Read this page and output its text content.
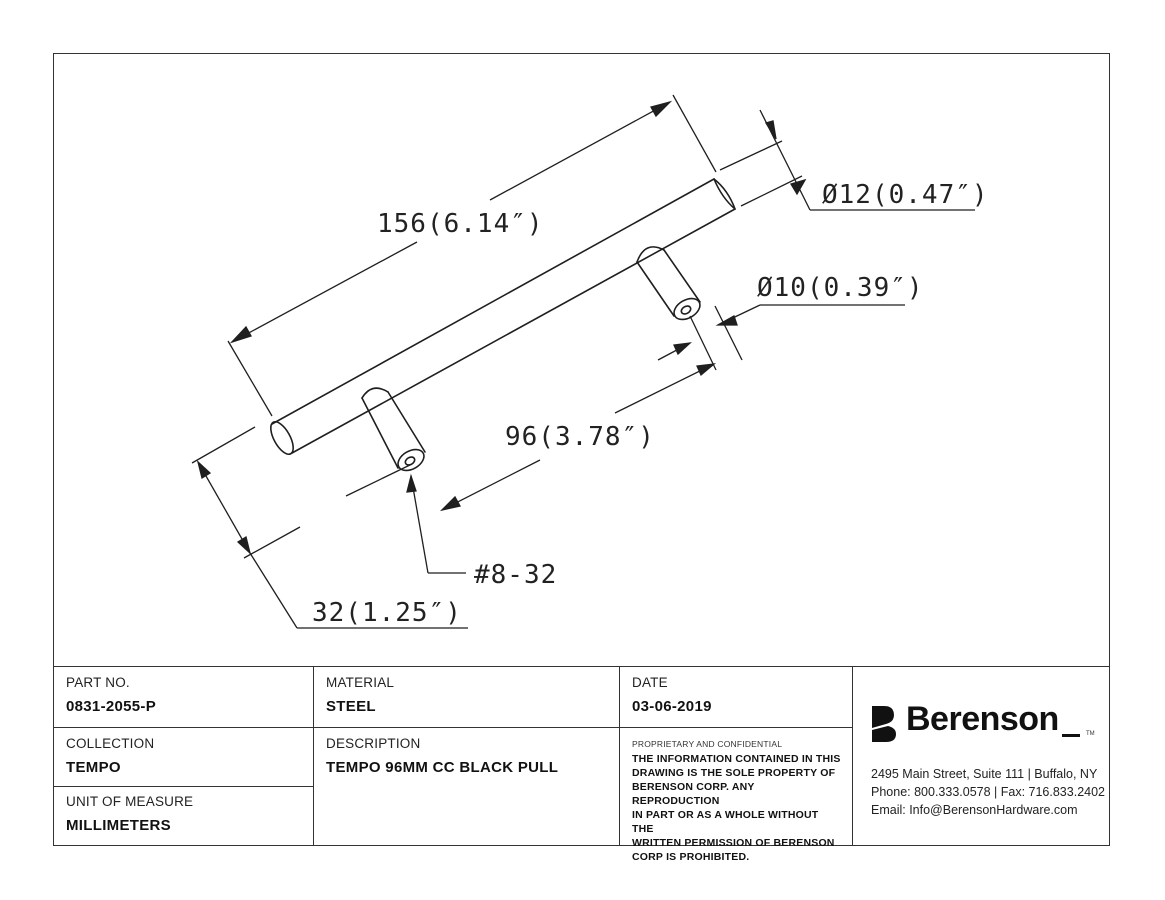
156(6.14″)
Ø12(0.47″)
Ø10(0.39″)
96(3.78″)
#8-32
32(1.25″)
PART NO.
0831-2055-P
MATERIAL
STEEL
DATE
03-06-2019
COLLECTION
TEMPO
DESCRIPTION
TEMPO 96MM CC BLACK PULL
UNIT OF MEASURE
MILLIMETERS
PROPRIETARY AND CONFIDENTIAL
THE INFORMATION CONTAINED IN THIS
DRAWING IS THE SOLE PROPERTY OF
BERENSON CORP. ANY REPRODUCTION
IN PART OR AS A WHOLE WITHOUT THE
WRITTEN PERMISSION OF BERENSON
CORP IS PROHIBITED.
Berenson	TM
2495 Main Street, Suite 111 | Buffalo, NY
Phone: 800.333.0578 | Fax: 716.833.2402
Email: Info@BerensonHardware.com
